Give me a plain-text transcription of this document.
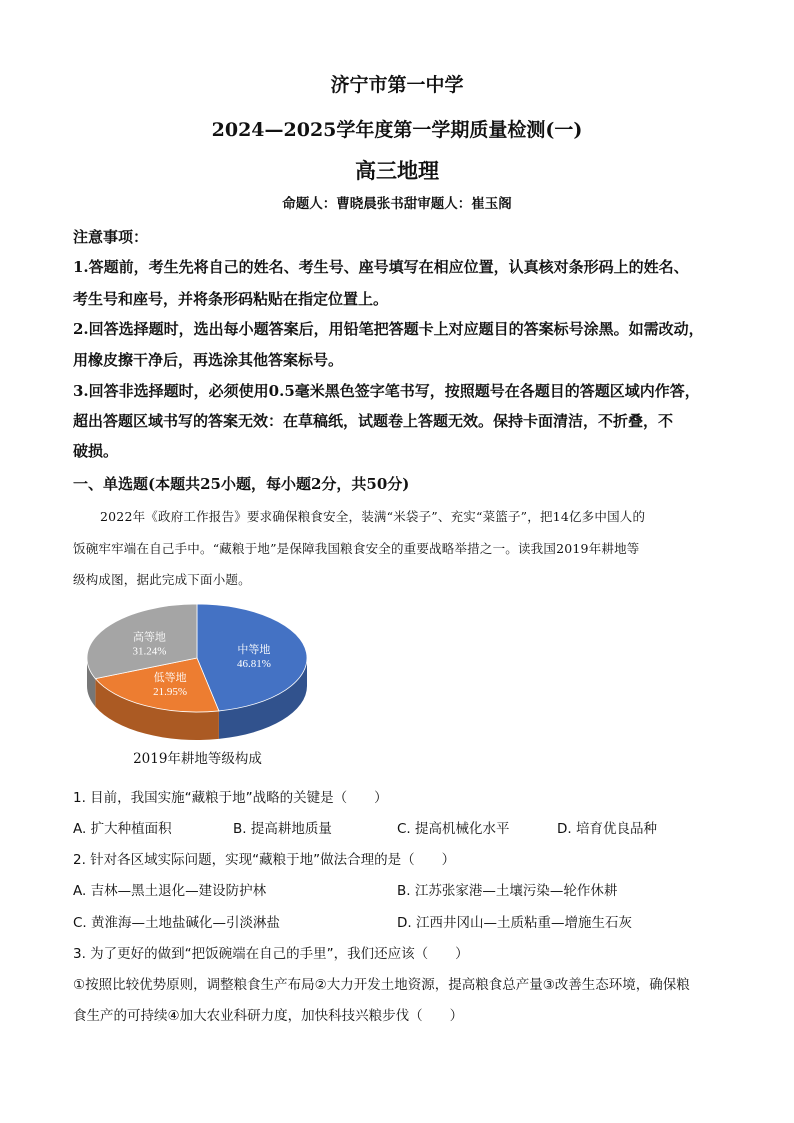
济宁市第一中学
2024—2025学年度第一学期质量检测(一)
高三地理
命题人：曹晓晨张书甜审题人：崔玉阁
注意事项：
1.答题前，考生先将自己的姓名、考生号、座号填写在相应位置，认真核对条形码上的姓名、
考生号和座号，并将条形码粘贴在指定位置上。
2.回答选择题时，选出每小题答案后，用铅笔把答题卡上对应题目的答案标号涂黑。如需改动，
用橡皮擦干净后，再选涂其他答案标号。
3.回答非选择题时，必须使用0.5毫米黑色签字笔书写，按照题号在各题目的答题区域内作答，
超出答题区域书写的答案无效：在草稿纸，试题卷上答题无效。保持卡面清洁，不折叠，不
破损。
一、单选题(本题共25小题，每小题2分，共50分)
2022年《政府工作报告》要求确保粮食安全，装满“米袋子”、充实“菜篮子”，把14亿多中国人的
饭碗牢牢端在自己手中。“藏粮于地”是保障我国粮食安全的重要战略举措之一。读我国2019年耕地等
级构成图，据此完成下面小题。
中等地
46.81%
低等地
21.95%
高等地
31.24%
2019年耕地等级构成
1. 目前，我国实施“藏粮于地”战略的关键是（　　）
A. 扩大种植面积	B. 提高耕地质量	C. 提高机械化水平	D. 培育优良品种
2. 针对各区域实际问题，实现“藏粮于地”做法合理的是（　　）
A. 吉林—黑土退化—建设防护林	B. 江苏张家港—土壤污染—轮作休耕
C. 黄淮海—土地盐碱化—引淡淋盐	D. 江西井冈山—土质粘重—增施生石灰
3. 为了更好的做到“把饭碗端在自己的手里”，我们还应该（　　）
①按照比较优势原则，调整粮食生产布局②大力开发土地资源，提高粮食总产量③改善生态环境，确保粮
食生产的可持续④加大农业科研力度，加快科技兴粮步伐（　　）
